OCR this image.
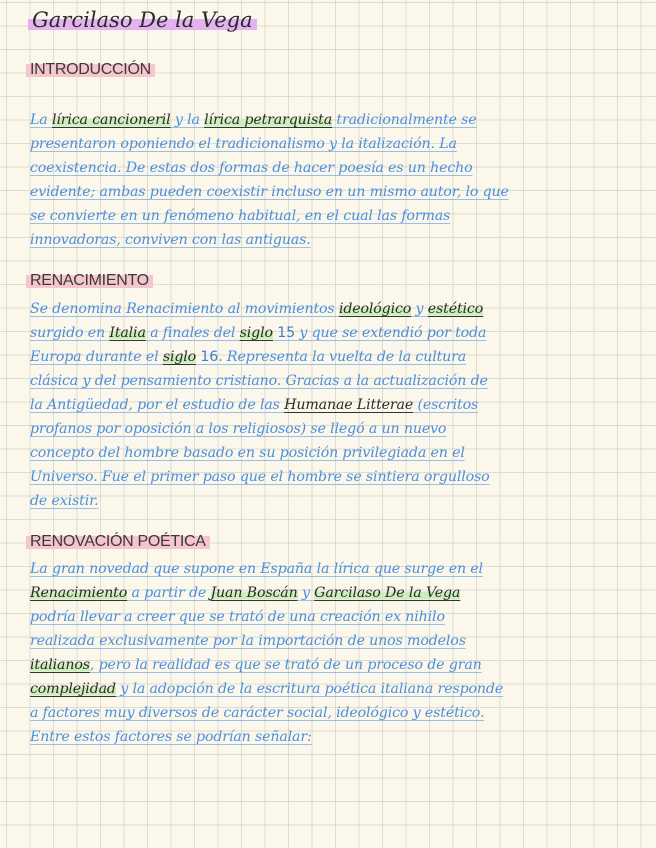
Garcilaso De la Vega
INTRODUCCIÓN
La lírica cancioneril y la lírica petrarquista tradicionalmente se
presentaron oponiendo el tradicionalismo y la italización. La
coexistencia. De estas dos formas de hacer poesía es un hecho
evidente; ambas pueden coexistir incluso en un mismo autor, lo que
se convierte en un fenómeno habitual, en el cual las formas
innovadoras, conviven con las antiguas.
RENACIMIENTO
Se denomina Renacimiento al movimientos ideológico y estético
surgido en Italia a finales del siglo 15 y que se extendió por toda
Europa durante el siglo 16. Representa la vuelta de la cultura
clásica y del pensamiento cristiano. Gracias a la actualización de
la Antigüedad, por el estudio de las Humanae Litterae (escritos
profanos por oposición a los religiosos) se llegó a un nuevo
concepto del hombre basado en su posición privilegiada en el
Universo. Fue el primer paso que el hombre se sintiera orgulloso
de existir.
RENOVACIÓN POÉTICA
La gran novedad que supone en España la lírica que surge en el
Renacimiento a partir de Juan Boscán y Garcilaso De la Vega
podría llevar a creer que se trató de una creación ex nihilo
realizada exclusivamente por la importación de unos modelos
italianos, pero la realidad es que se trató de un proceso de gran
complejidad y la adopción de la escritura poética italiana responde
a factores muy diversos de carácter social, ideológico y estético.
Entre estos factores se podrían señalar:
